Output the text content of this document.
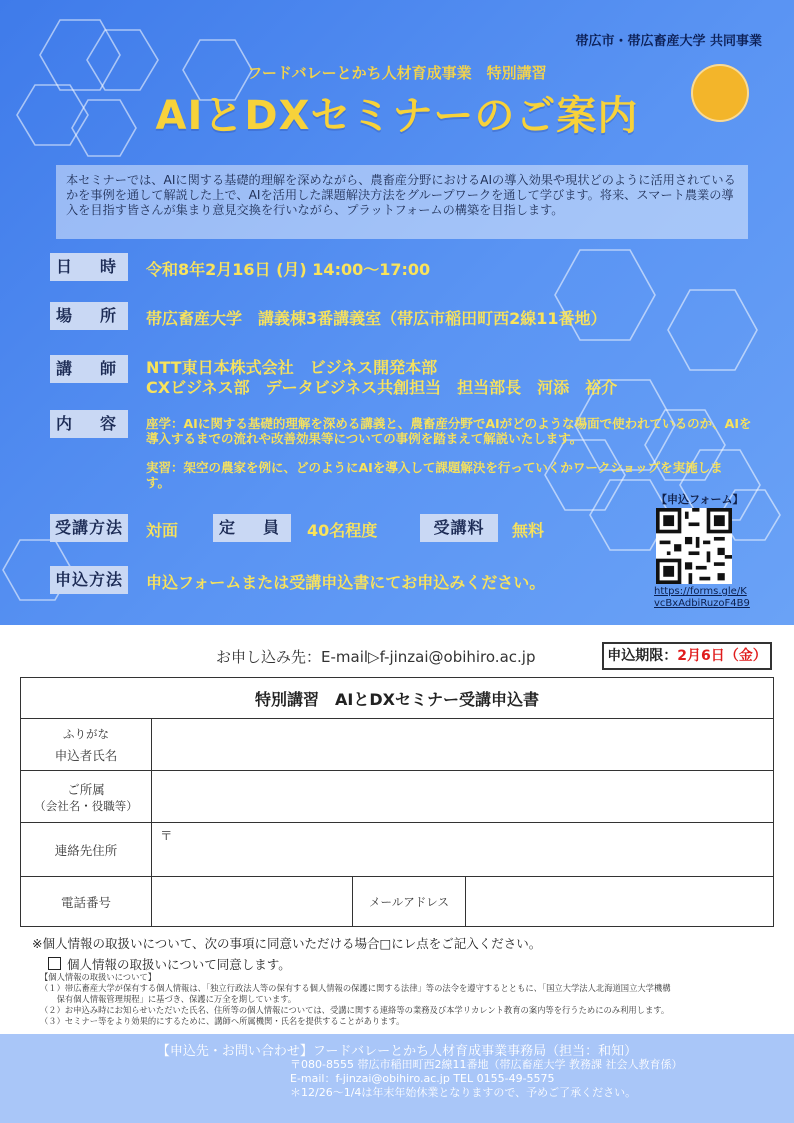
帯広市・帯広畜産大学 共同事業
フードバレーとかち人材育成事業　特別講習
AIとDXセミナーのご案内
本セミナーでは、AIに関する基礎的理解を深めながら、農畜産分野におけるAIの導入効果や現状どのように活用されているかを事例を通して解説した上で、AIを活用した課題解決方法をグループワークを通して学びます。将来、スマート農業の導入を目指す皆さんが集まり意見交換を行いながら、プラットフォームの構築を目指します。
日　時	令和8年2月16日 (月) 14:00～17:00
場　所	帯広畜産大学　講義棟3番講義室（帯広市稲田町西2線11番地）
講　師	NTT東日本株式会社　ビジネス開発本部
CXビジネス部　データビジネス共創担当　担当部長　河添　裕介
内　容	座学：AIに関する基礎的理解を深める講義と、農畜産分野でAIがどのような場面で使われているのか、AIを導入するまでの流れや改善効果等についての事例を踏まえて解説いたします。
実習：架空の農家を例に、どのようにAIを導入して課題解決を行っていくかワークショップを実施します。
受講方法	対面	定　員	40名程度	受講料	無料
申込方法	申込フォームまたは受講申込書にてお申込みください。
【申込フォーム】
https://forms.gle/K
vcBxAdbiRuzoF4B9
お申し込み先：E-mail▷f-jinzai@obihiro.ac.jp	申込期限：2月6日（金）
特別講習　AIとDXセミナー受講申込書			

ふりがな
申込者氏名			

ご所属
（会社名・役職等）			

連絡先住所	〒		
電話番号		メールアドレス	
※個人情報の取扱いについて、次の事項に同意いただける場合□にレ点をご記入ください。
個人情報の取扱いについて同意します。
【個人情報の取扱いについて】
（１）帯広畜産大学が保有する個人情報は、「独立行政法人等の保有する個人情報の保護に関する法律」等の法令を遵守するとともに、「国立大学法人北海道国立大学機構
　　保有個人情報管理規程」に基づき、保護に万全を期しています。
（２）お申込み時にお知らせいただいた氏名、住所等の個人情報については、受講に関する連絡等の業務及び本学リカレント教育の案内等を行うためにのみ利用します。
（３）セミナー等をより効果的にするために、講師へ所属機関・氏名を提供することがあります。
【申込先・お問い合わせ】フードバレーとかち人材育成事業事務局（担当：和知）
〒080-8555 帯広市稲田町西2線11番地（帯広畜産大学 教務課 社会人教育係）
E-mail：f-jinzai@obihiro.ac.jp TEL 0155-49-5575
＊12/26～1/4は年末年始休業となりますので、予めご了承ください。
